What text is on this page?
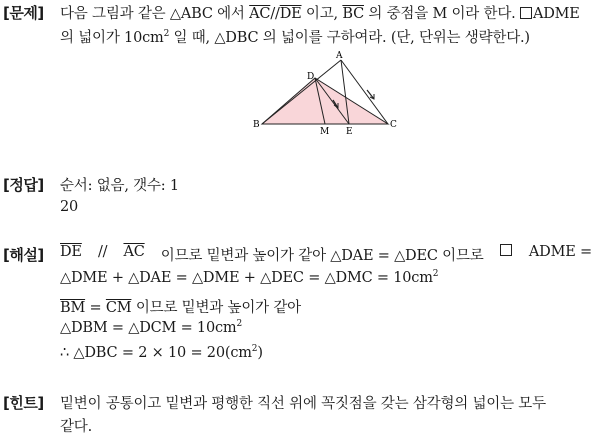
[문제] 다음 그림과 같은 △ABC 에서 $\overline{AC}//\overline{DE}$ 이고, $\overline{BC}$ 의 중점을 M 이라 한다. ADME
의 넓이가 $10cm^2$ 일 때, △DBC 의 넓이를 구하여라. (단, 단위는 생략한다.)
A
B	C
D
M E
[정답] 순서: 없음, 갯수: 1
20
[해설] $\overline{DE} // \overline{AC}$ 이므로 밑변과 높이가 같아 △DAE = △DEC 이므로	ADME =
△DME + △DAE = △DME + △DEC = △DMC = $10cm^2$
$\overline{BM} = \overline{CM}$ 이므로 밑변과 높이가 같아
△DBM = △DCM = $10cm^2$
∴ △DBC = $2 \times 10 = 20(cm^2)$
[힌트] 밑변이 공통이고 밑변과 평행한 직선 위에 꼭짓점을 갖는 삼각형의 넓이는 모두
같다.
